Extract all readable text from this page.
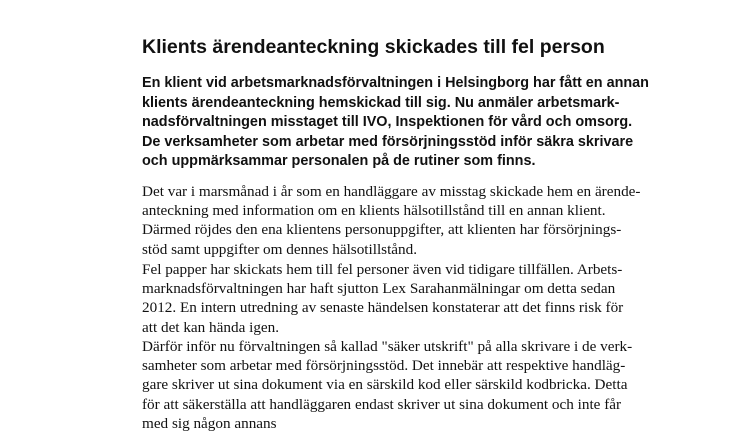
Klients ärendeanteckning skickades till fel person
En klient vid arbetsmarknadsförvaltningen i Helsingborg har fått en annan
klients ärendeanteckning hemskickad till sig. Nu anmäler arbetsmark-
nadsförvaltningen misstaget till IVO, Inspektionen för vård och omsorg.
De verksamheter som arbetar med försörjningsstöd inför säkra skrivare
och uppmärksammar personalen på de rutiner som finns.
Det var i marsmånad i år som en handläggare av misstag skickade hem en ärende-
anteckning med information om en klients hälsotillstånd till en annan klient.
Därmed röjdes den ena klientens personuppgifter, att klienten har försörjnings-
stöd samt uppgifter om dennes hälsotillstånd.
Fel papper har skickats hem till fel personer även vid tidigare tillfällen. Arbets-
marknadsförvaltningen har haft sjutton Lex Sarahanmälningar om detta sedan
2012. En intern utredning av senaste händelsen konstaterar att det finns risk för
att det kan hända igen.
Därför inför nu förvaltningen så kallad "säker utskrift" på alla skrivare i de verk-
samheter som arbetar med försörjningsstöd. Det innebär att respektive handläg-
gare skriver ut sina dokument via en särskild kod eller särskild kodbricka. Detta
för att säkerställa att handläggaren endast skriver ut sina dokument och inte får
med sig någon annans
